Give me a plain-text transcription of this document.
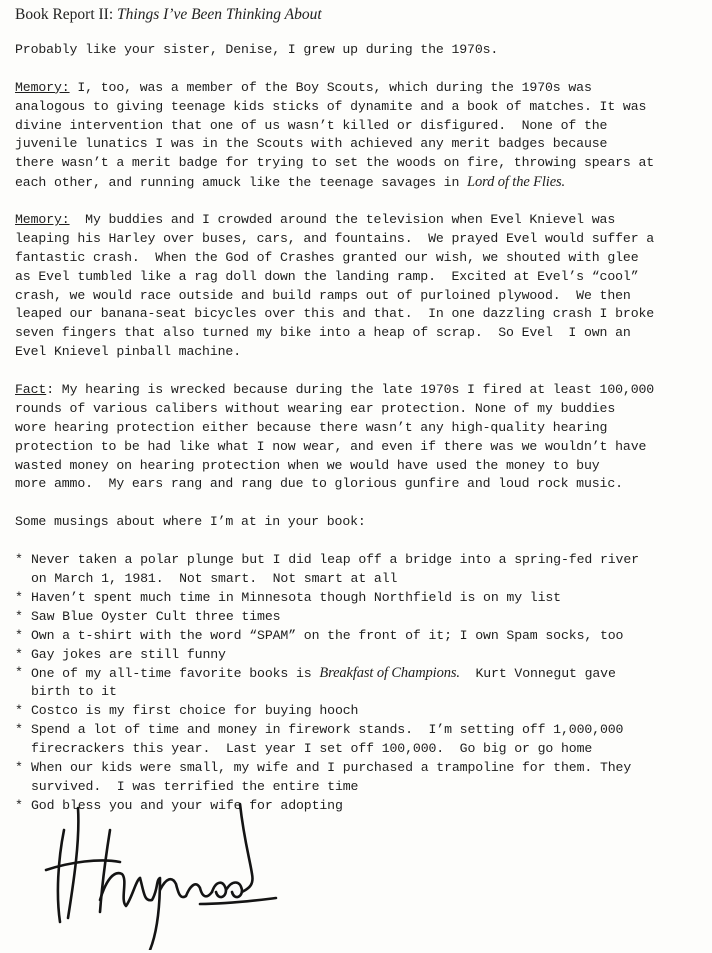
Book Report II: Things I’ve Been Thinking About
Probably like your sister, Denise, I grew up during the 1970s.
Memory: I, too, was a member of the Boy Scouts, which during the 1970s was
analogous to giving teenage kids sticks of dynamite and a book of matches. It was
divine intervention that one of us wasn’t killed or disfigured.  None of the
juvenile lunatics I was in the Scouts with achieved any merit badges because
there wasn’t a merit badge for trying to set the woods on fire, throwing spears at
each other, and running amuck like the teenage savages in Lord of the Flies.
Memory:  My buddies and I crowded around the television when Evel Knievel was
leaping his Harley over buses, cars, and fountains.  We prayed Evel would suffer a
fantastic crash.  When the God of Crashes granted our wish, we shouted with glee
as Evel tumbled like a rag doll down the landing ramp.  Excited at Evel’s “cool”
crash, we would race outside and build ramps out of purloined plywood.  We then
leaped our banana-seat bicycles over this and that.  In one dazzling crash I broke
seven fingers that also turned my bike into a heap of scrap.  So Evel  I own an
Evel Knievel pinball machine.
Fact: My hearing is wrecked because during the late 1970s I fired at least 100,000
rounds of various calibers without wearing ear protection. None of my buddies
wore hearing protection either because there wasn’t any high-quality hearing
protection to be had like what I now wear, and even if there was we wouldn’t have
wasted money on hearing protection when we would have used the money to buy
more ammo.  My ears rang and rang due to glorious gunfire and loud rock music.
Some musings about where I’m at in your book:
* Never taken a polar plunge but I did leap off a bridge into a spring-fed river
on March 1, 1981.  Not smart.  Not smart at all
* Haven’t spent much time in Minnesota though Northfield is on my list
* Saw Blue Oyster Cult three times
* Own a t-shirt with the word “SPAM” on the front of it; I own Spam socks, too
* Gay jokes are still funny
* One of my all-time favorite books is Breakfast of Champions.  Kurt Vonnegut gave
birth to it
* Costco is my first choice for buying hooch
* Spend a lot of time and money in firework stands.  I’m setting off 1,000,000
firecrackers this year.  Last year I set off 100,000.  Go big or go home
* When our kids were small, my wife and I purchased a trampoline for them. They
survived.  I was terrified the entire time
* God bless you and your wife for adopting
